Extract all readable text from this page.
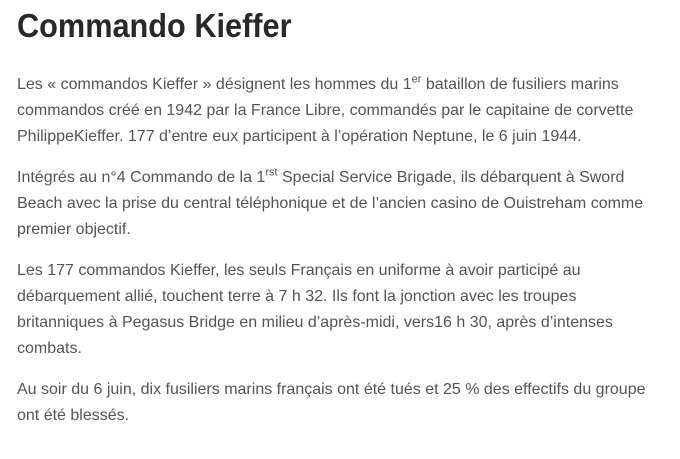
Commando Kieffer

Les « commandos Kieffer » désignent les hommes du 1er bataillon de fusiliers marins commandos créé en 1942 par la France Libre, commandés par le capitaine de corvette PhilippeKieffer. 177 d’entre eux participent à l’opération Neptune, le 6 juin 1944.

Intégrés au n°4 Commando de la $1^{rst}$ Special Service Brigade, ils débarquent à Sword Beach avec la prise du central téléphonique et de l’ancien casino de Ouistreham comme premier objectif.

Les 177 commandos Kieffer, les seuls Français en uniforme à avoir participé au débarquement allié, touchent terre à 7 h 32. Ils font la jonction avec les troupes britanniques à Pegasus Bridge en milieu d’après-midi, vers16 h 30, après d’intenses combats.

Au soir du 6 juin, dix fusiliers marins français ont été tués et 25 % des effectifs du groupe ont été blessés.
